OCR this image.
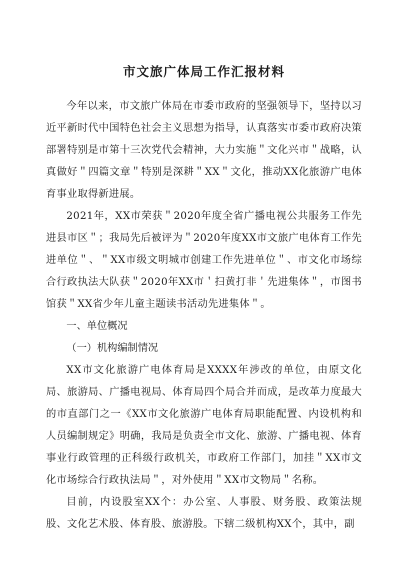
市文旅广体局工作汇报材料

今年以来，市文旅广体局在市委市政府的坚强领导下，坚持以习近平新时代中国特色社会主义思想为指导，认真落实市委市政府决策部署特别是市第十三次党代会精神，大力实施＂文化兴市＂战略，认真做好＂四篇文章＂特别是深耕＂XX＂文化，推动XX化旅游广电体育事业取得新进展。

2021年，XX市荣获＂2020年度全省广播电视公共服务工作先进县市区＂；我局先后被评为＂2020年度XX市文旅广电体育工作先进单位＂、＂XX市级文明城市创建工作先进单位＂、市文化市场综合行政执法大队获＂2020年XX市＇扫黄打非＇先进集体＂，市图书馆获＂XX省少年儿童主题读书活动先进集体＂。

一、单位概况

（一）机构编制情况

XX市文化旅游广电体育局是XXXX年涉改的单位，由原文化局、旅游局、广播电视局、体育局四个局合并而成，是改革力度最大的市直部门之一《XX市文化旅游广电体育局职能配置、内设机构和人员编制规定》明确，我局是负责全市文化、旅游、广播电视、体育事业行政管理的正科级行政机关，市政府工作部门，加挂＂XX市文化市场综合行政执法局＂，对外使用＂XX市文物局＂名称。

目前，内设股室XX个：办公室、人事股、财务股、政策法规股、文化艺术股、体育股、旅游股。下辖二级机构XX个，其中，副
